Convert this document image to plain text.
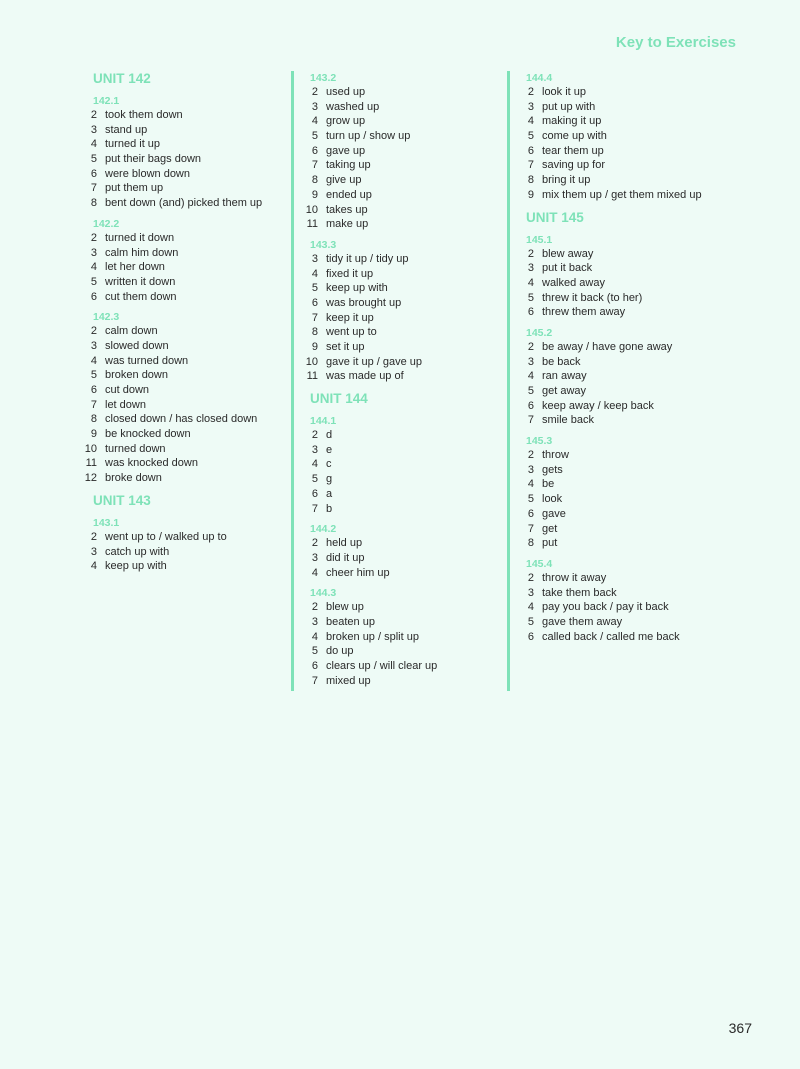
Key to Exercises
UNIT 142
142.1
2 took them down
3 stand up
4 turned it up
5 put their bags down
6 were blown down
7 put them up
8 bent down (and) picked them up
142.2
2 turned it down
3 calm him down
4 let her down
5 written it down
6 cut them down
142.3
2 calm down
3 slowed down
4 was turned down
5 broken down
6 cut down
7 let down
8 closed down / has closed down
9 be knocked down
10 turned down
11 was knocked down
12 broke down
UNIT 143
143.1
2 went up to / walked up to
3 catch up with
4 keep up with
143.2
2 used up
3 washed up
4 grow up
5 turn up / show up
6 gave up
7 taking up
8 give up
9 ended up
10 takes up
11 make up
143.3
3 tidy it up / tidy up
4 fixed it up
5 keep up with
6 was brought up
7 keep it up
8 went up to
9 set it up
10 gave it up / gave up
11 was made up of
UNIT 144
144.1
2 d
3 e
4 c
5 g
6 a
7 b
144.2
2 held up
3 did it up
4 cheer him up
144.3
2 blew up
3 beaten up
4 broken up / split up
5 do up
6 clears up / will clear up
7 mixed up
144.4
2 look it up
3 put up with
4 making it up
5 come up with
6 tear them up
7 saving up for
8 bring it up
9 mix them up / get them mixed up
UNIT 145
145.1
2 blew away
3 put it back
4 walked away
5 threw it back (to her)
6 threw them away
145.2
2 be away / have gone away
3 be back
4 ran away
5 get away
6 keep away / keep back
7 smile back
145.3
2 throw
3 gets
4 be
5 look
6 gave
7 get
8 put
145.4
2 throw it away
3 take them back
4 pay you back / pay it back
5 gave them away
6 called back / called me back
367
